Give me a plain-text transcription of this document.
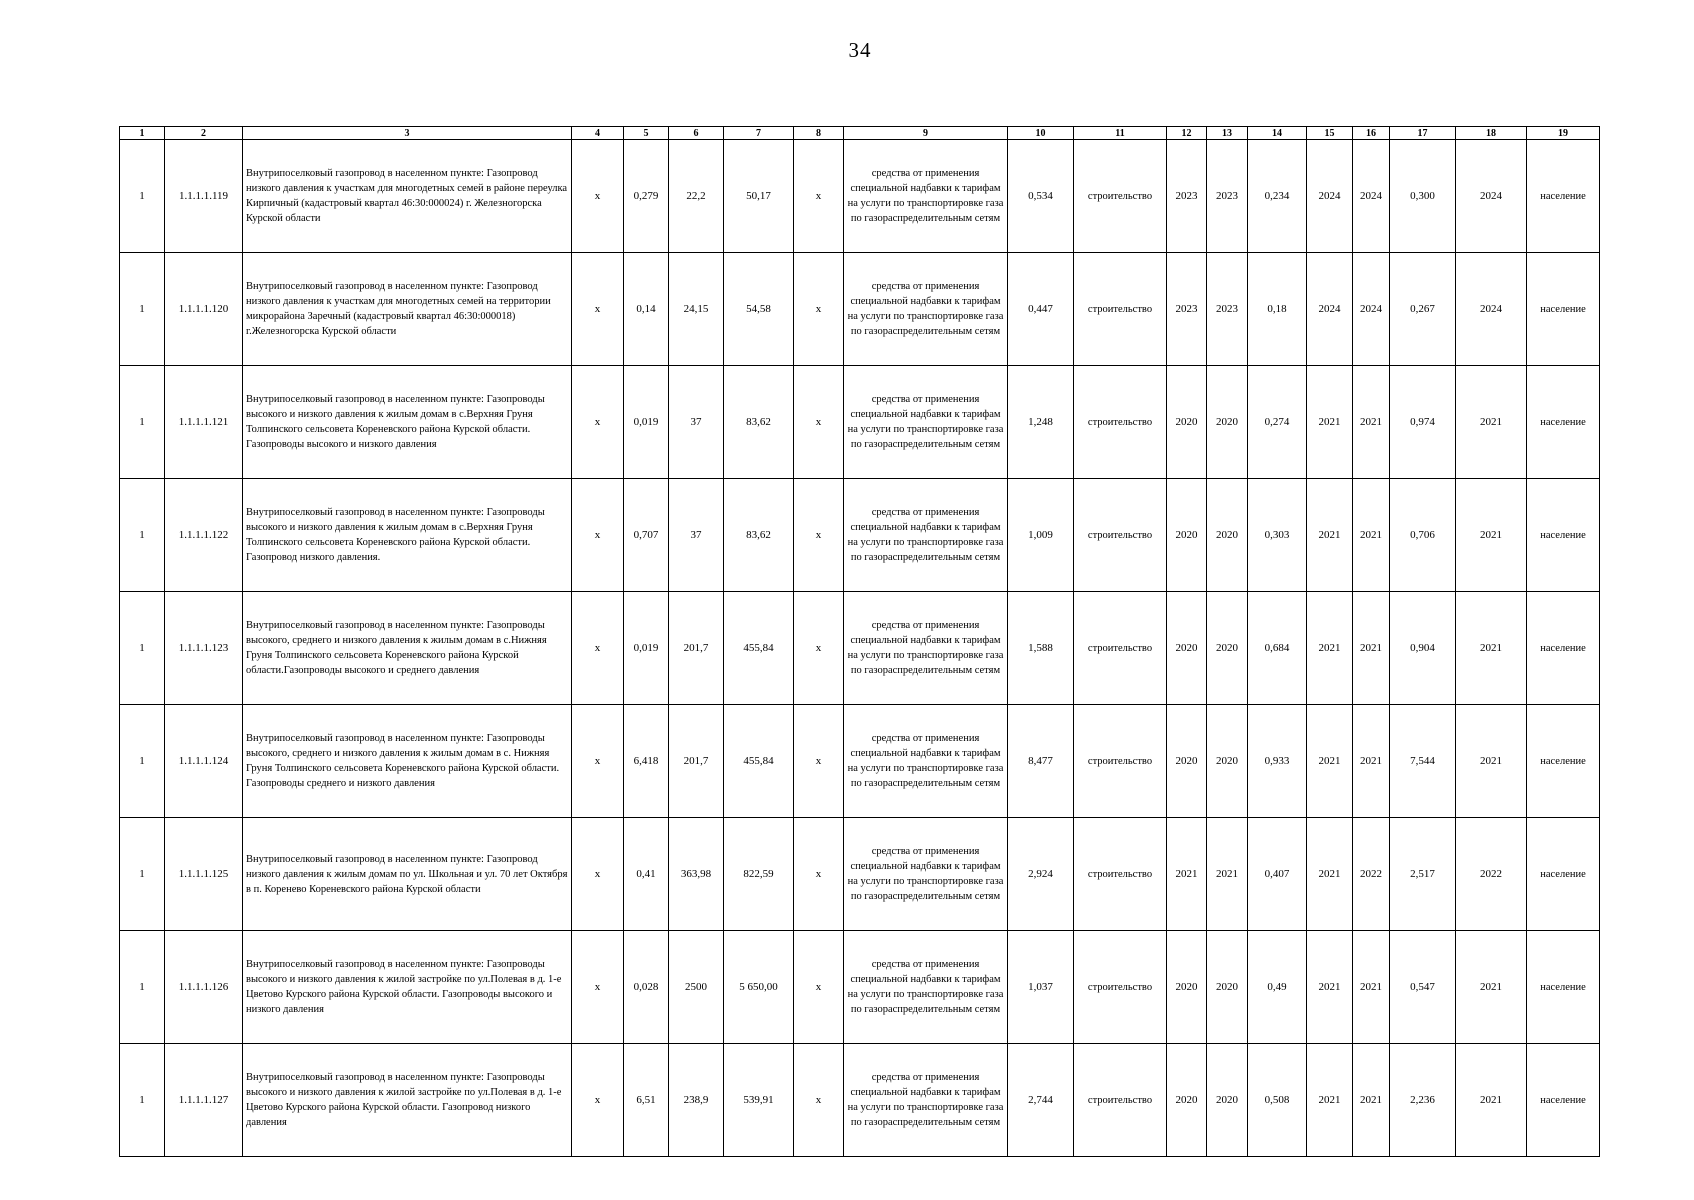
34
1	2	3	4	5	6	7	8	9	10	11	12	13	14	15	16	17	18	19
1	1.1.1.1.119	Внутрипоселковый газопровод в населенном пункте: Газопровод низкого давления к участкам для многодетных семей в районе переулка Кирпичный (кадастровый квартал 46:30:000024) г. Железногорска Курской области	x	0,279	22,2	50,17	x	средства от применения специальной надбавки к тарифам на услуги по транспортировке газа по газораспределительным сетям	0,534	строительство	2023	2023	0,234	2024	2024	0,300	2024	население
1	1.1.1.1.120	Внутрипоселковый газопровод в населенном пункте: Газопровод низкого давления к участкам для многодетных семей на территории микрорайона Заречный (кадастровый квартал 46:30:000018) г.Железногорска Курской области	x	0,14	24,15	54,58	x	средства от применения специальной надбавки к тарифам на услуги по транспортировке газа по газораспределительным сетям	0,447	строительство	2023	2023	0,18	2024	2024	0,267	2024	население
1	1.1.1.1.121	Внутрипоселковый газопровод в населенном пункте: Газопроводы высокого и низкого давления к жилым домам в с.Верхняя Груня Толпинского сельсовета Кореневского района Курской области. Газопроводы высокого и низкого давления	x	0,019	37	83,62	x	средства от применения специальной надбавки к тарифам на услуги по транспортировке газа по газораспределительным сетям	1,248	строительство	2020	2020	0,274	2021	2021	0,974	2021	население
1	1.1.1.1.122	Внутрипоселковый газопровод в населенном пункте: Газопроводы высокого и низкого давления к жилым домам в с.Верхняя Груня Толпинского сельсовета Кореневского района Курской области. Газопровод низкого давления.	x	0,707	37	83,62	x	средства от применения специальной надбавки к тарифам на услуги по транспортировке газа по газораспределительным сетям	1,009	строительство	2020	2020	0,303	2021	2021	0,706	2021	население
1	1.1.1.1.123	Внутрипоселковый газопровод в населенном пункте: Газопроводы высокого, среднего и низкого давления к жилым домам в с.Нижняя Груня Толпинского сельсовета Кореневского района Курской области.Газопроводы высокого и среднего давления	x	0,019	201,7	455,84	x	средства от применения специальной надбавки к тарифам на услуги по транспортировке газа по газораспределительным сетям	1,588	строительство	2020	2020	0,684	2021	2021	0,904	2021	население
1	1.1.1.1.124	Внутрипоселковый газопровод в населенном пункте: Газопроводы высокого, среднего и низкого давления к жилым домам в с. Нижняя Груня Толпинского сельсовета Кореневского района Курской области. Газопроводы среднего и низкого давления	x	6,418	201,7	455,84	x	средства от применения специальной надбавки к тарифам на услуги по транспортировке газа по газораспределительным сетям	8,477	строительство	2020	2020	0,933	2021	2021	7,544	2021	население
1	1.1.1.1.125	Внутрипоселковый газопровод в населенном пункте: Газопровод низкого давления к жилым домам по ул. Школьная и ул. 70 лет Октября в п. Коренево Кореневского района Курской области	x	0,41	363,98	822,59	x	средства от применения специальной надбавки к тарифам на услуги по транспортировке газа по газораспределительным сетям	2,924	строительство	2021	2021	0,407	2021	2022	2,517	2022	население
1	1.1.1.1.126	Внутрипоселковый газопровод в населенном пункте: Газопроводы высокого и низкого давления к жилой застройке по ул.Полевая в д. 1-е Цветово Курского района Курской области. Газопроводы высокого и низкого давления	x	0,028	2500	5 650,00	x	средства от применения специальной надбавки к тарифам на услуги по транспортировке газа по газораспределительным сетям	1,037	строительство	2020	2020	0,49	2021	2021	0,547	2021	население
1	1.1.1.1.127	Внутрипоселковый газопровод в населенном пункте: Газопроводы высокого и низкого давления к жилой застройке по ул.Полевая в д. 1-е Цветово Курского района Курской области. Газопровод низкого давления	x	6,51	238,9	539,91	x	средства от применения специальной надбавки к тарифам на услуги по транспортировке газа по газораспределительным сетям	2,744	строительство	2020	2020	0,508	2021	2021	2,236	2021	население
